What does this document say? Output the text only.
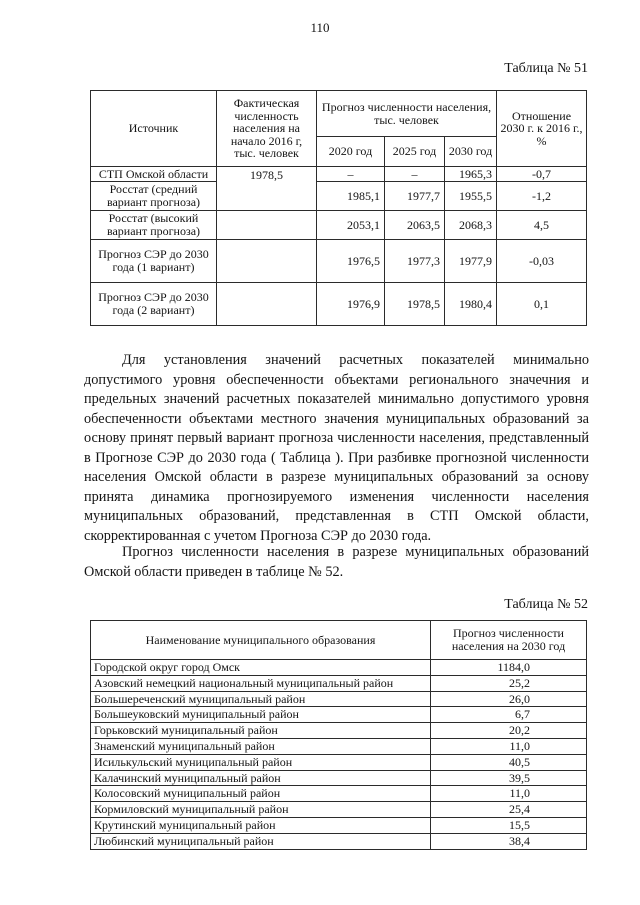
110
Таблица № 51
Источник	Фактическая численность населения на начало 2016 г, тыс. человек	Прогноз численности населения, тыс. человек			Отношение 2030 г. к 2016 г., %
		2020 год	2025 год	2030 год	
СТП Омской области	1978,5	–	–	1965,3	-0,7
Росстат (средний вариант прогноза)		1985,1	1977,7	1955,5	-1,2
Росстат (высокий вариант прогноза)		2053,1	2063,5	2068,3	4,5
Прогноз СЭР до 2030 года (1 вариант)		1976,5	1977,3	1977,9	-0,03
Прогноз СЭР до 2030 года (2 вариант)		1976,9	1978,5	1980,4	0,1

Для установления значений расчетных показателей минимально допустимого уровня обеспеченности объектами регионального значечния и предельных значений расчетных показателей минимально допустимого уровня обеспеченности объектами местного значения муниципальных образований за основу принят первый вариант прогноза численности населения, представленный в Прогнозе СЭР до 2030 года ( Таблица ). При разбивке прогнозной численности населения Омской области в разрезе муниципальных образований за основу принята динамика прогнозируемого изменения численности населения муниципальных образований, представленная в СТП Омской области, скорректированная с учетом Прогноза СЭР до 2030 года.

Прогноз численности населения в разрезе муниципальных образований Омской области приведен в таблице № 52.

Таблица № 52
Наименование муниципального образования	Прогноз численности населения на 2030 год
Городской округ город Омск	1184,0
Азовский немецкий национальный муниципальный район	25,2
Большереченский муниципальный район	26,0
Большеуковский муниципальный район	6,7
Горьковский муниципальный район	20,2
Знаменский муниципальный район	11,0
Исилькульский муниципальный район	40,5
Калачинский муниципальный район	39,5
Колосовский муниципальный район	11,0
Кормиловский муниципальный район	25,4
Крутинский муниципальный район	15,5
Любинский муниципальный район	38,4
